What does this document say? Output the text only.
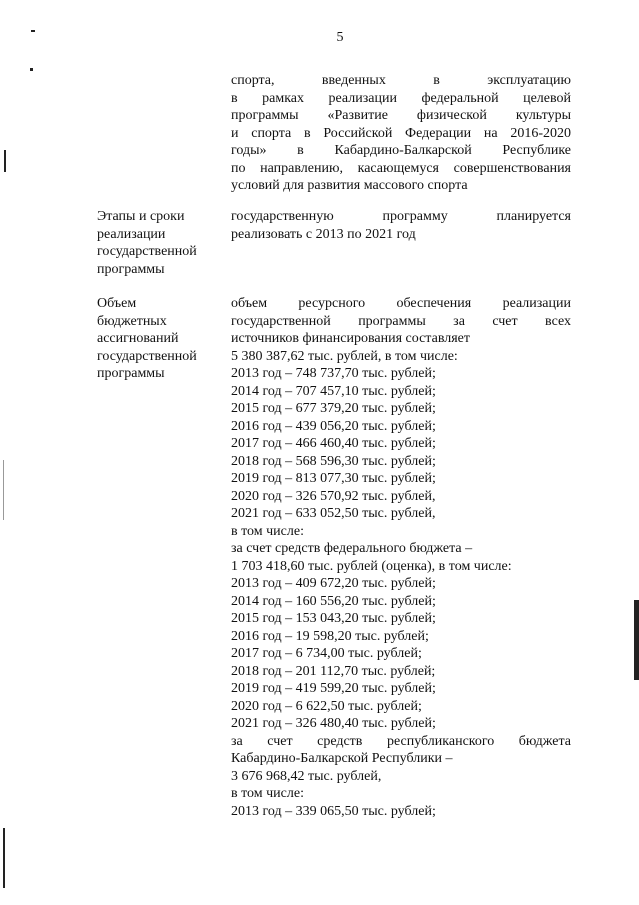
5

спорта, введенных в эксплуатацию

в рамках реализации федеральной целевой

программы «Развитие физической культуры

и спорта в Российской Федерации на 2016-2020

годы» в Кабардино-Балкарской Республике

по направлению, касающемуся совершенствования

условий для развития массового спорта

Этапы и сроки

реализации

государственной

программы

государственную программу планируется

реализовать с 2013 по 2021 год

Объем

бюджетных

ассигнований

государственной

программы

объем ресурсного обеспечения реализации

государственной программы за счет всех

источников финансирования составляет

5 380 387,62 тыс. рублей, в том числе:

2013 год – 748 737,70 тыс. рублей;

2014 год – 707 457,10 тыс. рублей;

2015 год – 677 379,20 тыс. рублей;

2016 год – 439 056,20 тыс. рублей;

2017 год – 466 460,40 тыс. рублей;

2018 год – 568 596,30 тыс. рублей;

2019 год – 813 077,30 тыс. рублей;

2020 год – 326 570,92 тыс. рублей,

2021 год – 633 052,50 тыс. рублей,

в том числе:

за счет средств федерального бюджета –

1 703 418,60 тыс. рублей (оценка), в том числе:

2013 год – 409 672,20 тыс. рублей;

2014 год – 160 556,20 тыс. рублей;

2015 год – 153 043,20 тыс. рублей;

2016 год – 19 598,20 тыс. рублей;

2017 год – 6 734,00 тыс. рублей;

2018 год – 201 112,70 тыс. рублей;

2019 год – 419 599,20 тыс. рублей;

2020 год – 6 622,50 тыс. рублей;

2021 год – 326 480,40 тыс. рублей;

за счет средств республиканского бюджета

Кабардино-Балкарской Республики –

3 676 968,42 тыс. рублей,

в том числе:

2013 год – 339 065,50 тыс. рублей;
